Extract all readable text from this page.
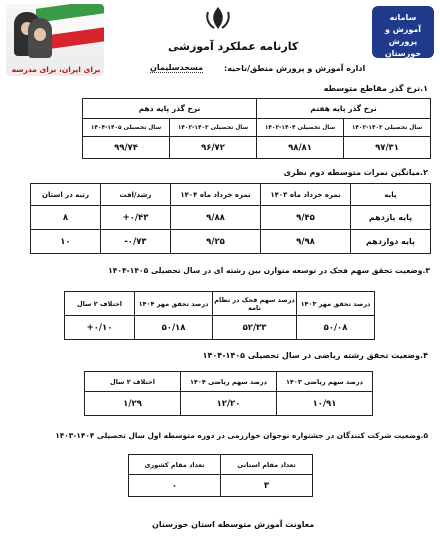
برای ایران، برای مدرسه
سامانه آموزش و پرورش خوزستان
کارنامه عملکرد آموزشی
اداره آموزش و پرورش منطق/ناحیه:
مسجدسلیمان
۱.نرخ گذر مقاطع متوسطه
نرخ گذر پایه هفتم		نرخ گذر پایه دهم	
سال تحصیلی ۱۴۰۳-۱۴۰۲	سال تحصیلی ۱۴۰۴-۱۴۰۳	سال تحصیلی ۱۴۰۳-۱۴۰۲	سال تحصیلی ۱۴۰۵-۱۴۰۴
۹۷/۳۱	۹۸/۸۱	۹۶/۷۲	۹۹/۷۴
۲.میانگین نمرات متوسطه دوم نظری
پایه	نمره خرداد ماه ۱۴۰۳	نمره خرداد ماه ۱۴۰۴	رشد/افت	رتبه در استان
پایه یازدهم	۹/۴۵	۹/۸۸	۰/۴۳+	۸
پایه دوازدهم	۹/۹۸	۹/۲۵	۰/۷۳-	۱۰
۳.وضعیت تحقق سهم فحک در توسعه متوازن بین رشته ای در سال تحصیلی ۱۴۰۵-۱۴۰۴
درصد تحقق مهر ۱۴۰۳	درصد سهم فحک در نظام نامه	درصد تحقق مهر ۱۴۰۴	اختلاف ۲ سال
۵۰/۰۸	۵۲/۳۳	۵۰/۱۸	۰/۱۰+
۴.وضعیت تحقق رشته ریاضی در سال تحصیلی ۱۴۰۵-۱۴۰۴
درصد سهم ریاضی ۱۴۰۳	درصد سهم ریاضی ۱۴۰۴	اختلاف ۲ سال
۱۰/۹۱	۱۲/۲۰	۱/۲۹
۵.وضعیت شرکت کنندگان در جشنواره نوجوان خوارزمی در دوره متوسطه اول سال تحصیلی ۱۴۰۴-۱۴۰۳
تعداد مقام استانی	تعداد مقام کشوری
۳	۰
معاونت آموزش متوسطه استان خوزستان
